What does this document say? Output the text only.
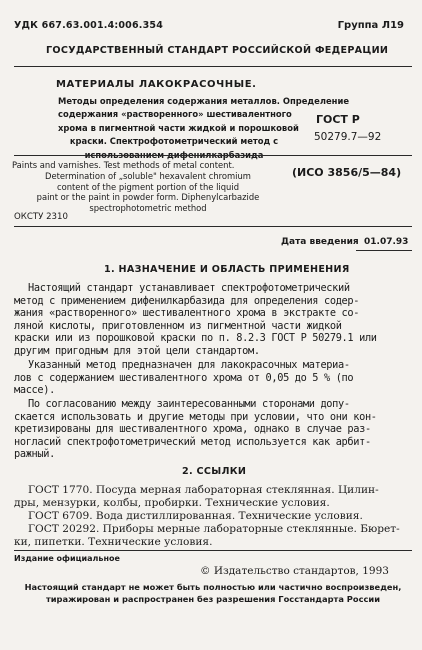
УДК 667.63.001.4:006.354	Группа Л19

ГОСУДАРСТВЕННЫЙ СТАНДАРТ РОССИЙСКОЙ ФЕДЕРАЦИИ

МАТЕРИАЛЫ ЛАКОКРАСОЧНЫЕ.

Методы определения содержания металлов. Определение
содержания «растворенного» шестивалентного
хрома в пигментной части жидкой и порошковой
краски. Спектрофотометрический метод с
использованием дифенилкарбазида

ГОСТ Р

50279.7—92

Paints and varnishes. Test methods of metal content.
Determination of „soluble" hexavalent chromium
content of the pigment portion of the liquid
paint or the paint in powder form. Diphenylcarbazide
spectrophotometric method

(ИСО 3856/5—84)

ОКСТУ 2310

Дата введения 01.07.93

1. НАЗНАЧЕНИЕ И ОБЛАСТЬ ПРИМЕНЕНИЯ

Настоящий стандарт устанавливает спектрофотометрический
метод с применением дифенилкарбазида для определения содер-
жания «растворенного» шестивалентного хрома в экстракте со-
ляной кислоты, приготовленном из пигментной части жидкой
краски или из порошковой краски по п. 8.2.3 ГОСТ Р 50279.1 или
другим пригодным для этой цели стандартом.
Указанный метод предназначен для лакокрасочных материа-
лов с содержанием шестивалентного хрома от 0,05 до 5 % (по
массе).
По согласованию между заинтересованными сторонами допу-
скается использовать и другие методы при условии, что они кон-
кретизированы для шестивалентного хрома, однако в случае раз-
ногласий спектрофотометрический метод используется как арбит-
ражный.

2. ССЫЛКИ

ГОСТ 1770. Посуда мерная лабораторная стеклянная. Цилин-
дры, мензурки, колбы, пробирки. Технические условия.
ГОСТ 6709. Вода дистиллированная. Технические условия.
ГОСТ 20292. Приборы мерные лабораторные стеклянные. Бюрет-
ки, пипетки. Технические условия.

Издание официальное

© Издательство стандартов, 1993

Настоящий стандарт не может быть полностью или частично воспроизведен,
тиражирован и распространен без разрешения Госстандарта России
